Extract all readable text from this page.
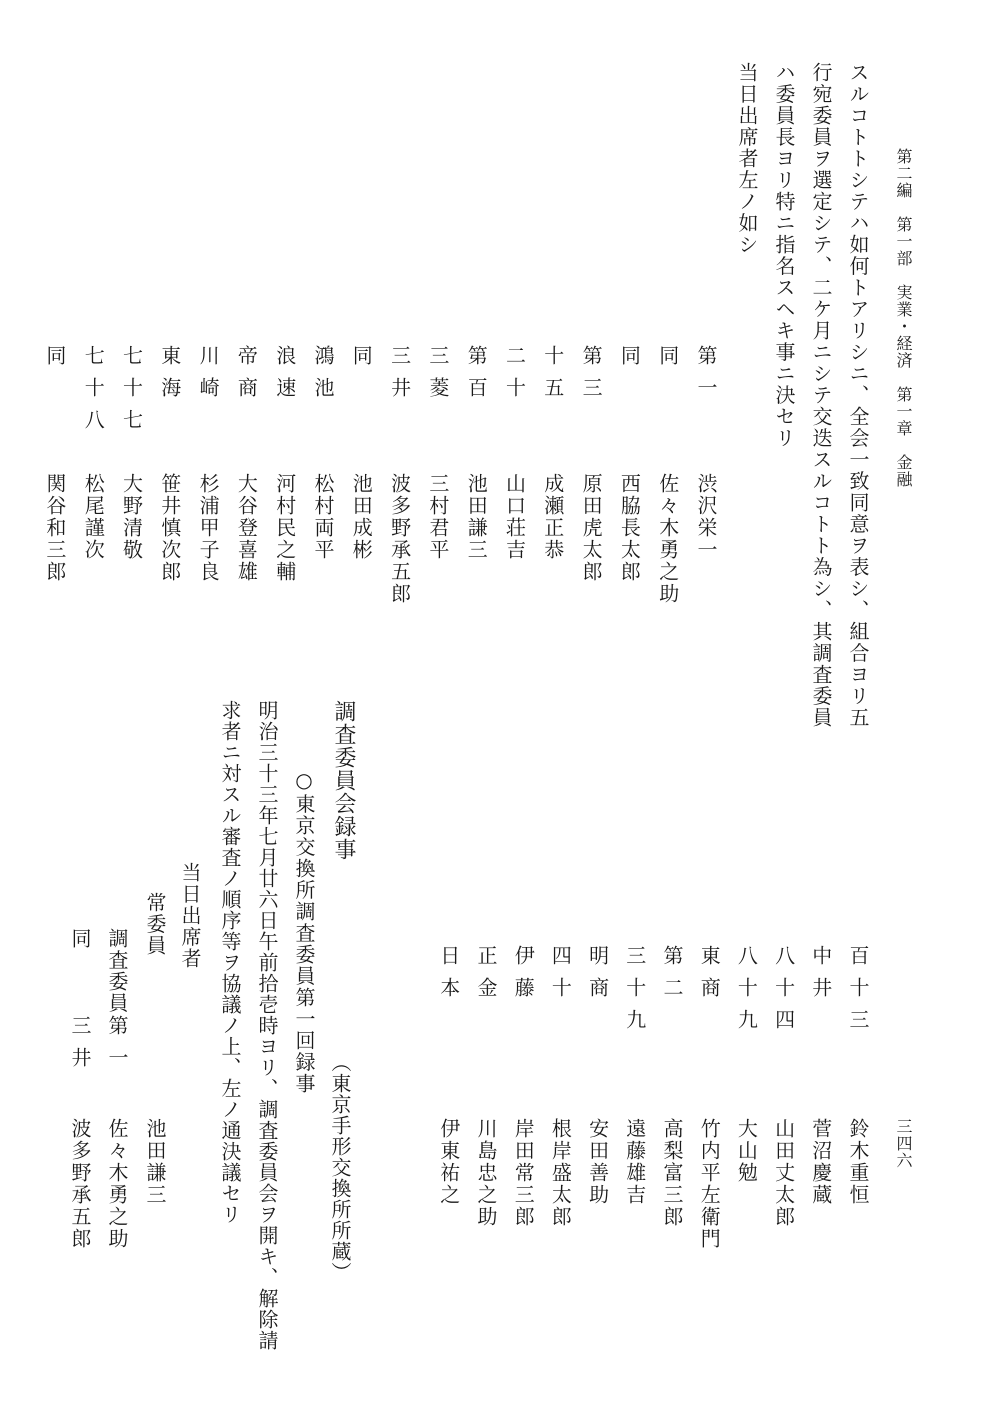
第二編　第一部　実業・経済　第一章　金融
三四六
スルコトトシテハ如何トアリシニ、全会一致同意ヲ表シ、組合ヨリ五
行宛委員ヲ選定シテ、二ケ月ニシテ交迭スルコトト為シ、其調査委員
ハ委員長ヨリ特ニ指名スヘキ事ニ決セリ
当日出席者左ノ如シ
第一
渋沢栄一
同
佐々木勇之助
同
西脇長太郎
第三
原田虎太郎
十五
成瀬正恭
二十
山口荘吉
第百
池田謙三
三菱
三村君平
三井
波多野承五郎
同
池田成彬
鴻池
松村両平
浪速
河村民之輔
帝商
大谷登喜雄
川崎
杉浦甲子良
東海
笹井慎次郎
七十七
大野清敬
七十八
松尾謹次
同
関谷和三郎
百十三
鈴木重恒
中井
菅沼慶蔵
八十四
山田丈太郎
八十九
大山勉
東商
竹内平左衛門
第二
高梨富三郎
三十九
遠藤雄吉
明商
安田善助
四十
根岸盛太郎
伊藤
岸田常三郎
正金
川島忠之助
日本
伊東祐之
（東京手形交換所所蔵）
調査委員会録事
○東京交換所調査委員第一回録事
明治三十三年七月廿六日午前拾壱時ヨリ、調査委員会ヲ開キ、解除請
求者ニ対スル審査ノ順序等ヲ協議ノ上、左ノ通決議セリ
当日出席者
常委員
池田謙三
調査委員
第一
佐々木勇之助
同
三井
波多野承五郎
